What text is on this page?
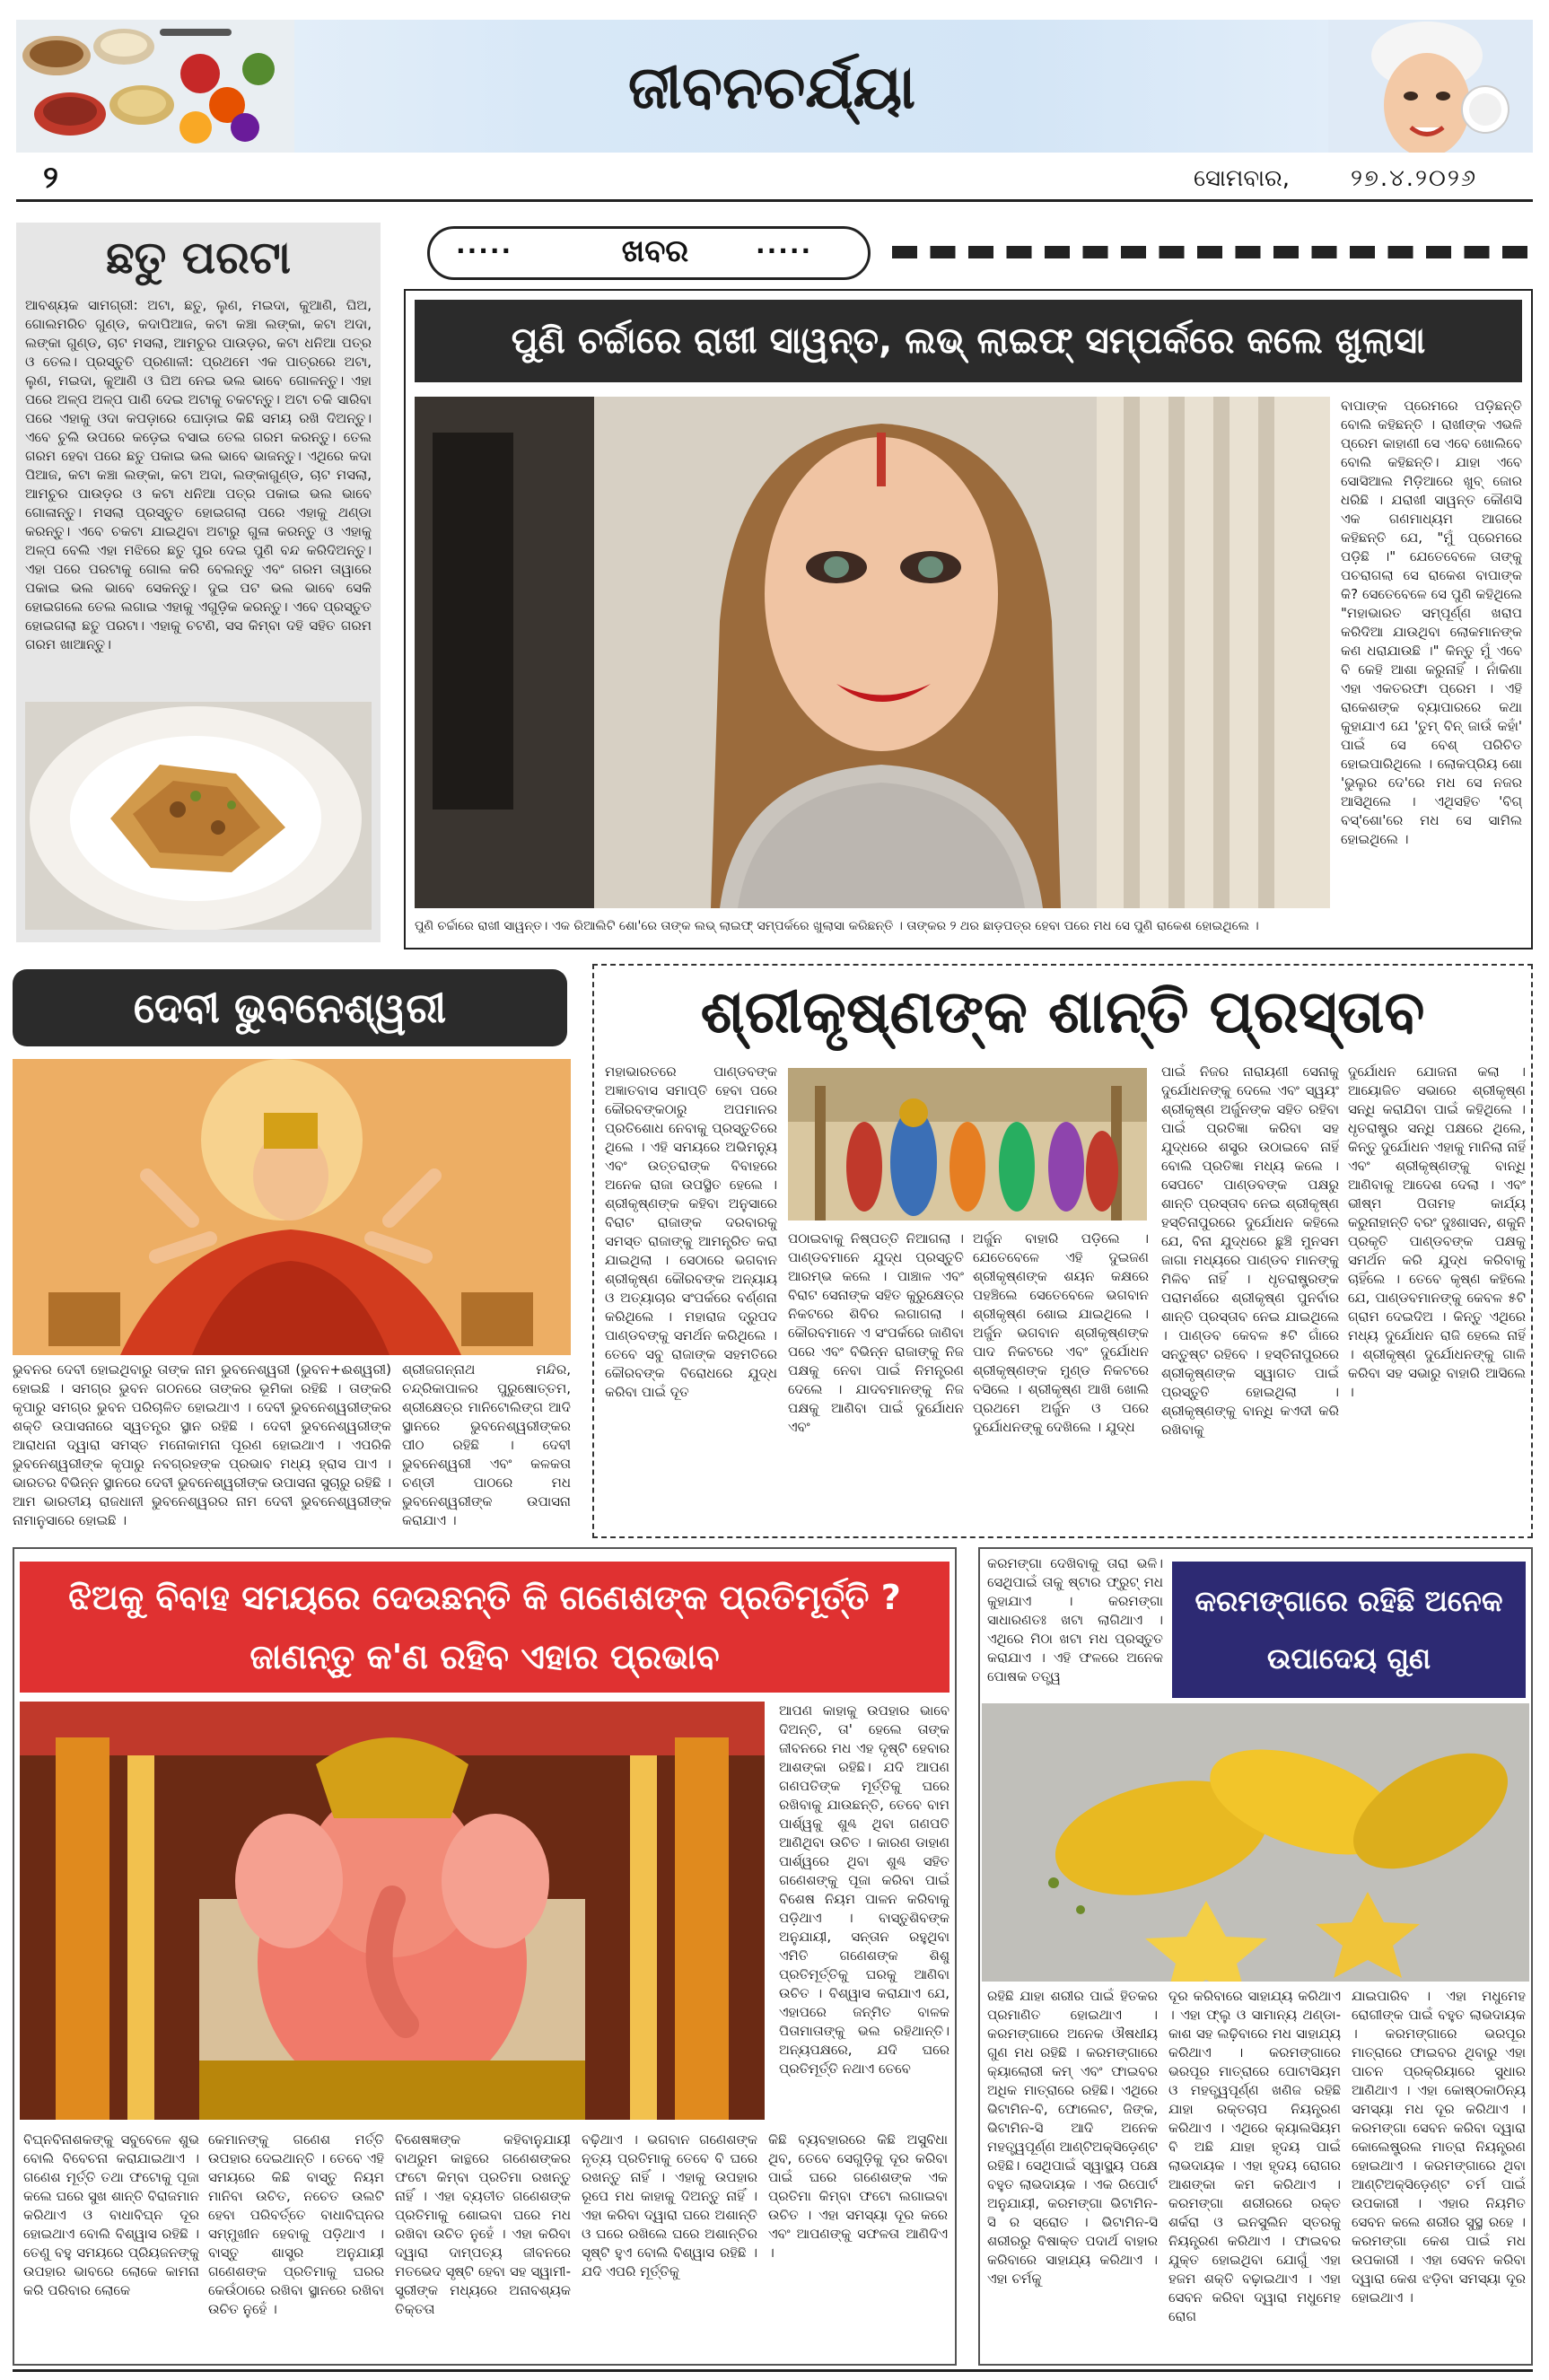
ଜୀବନଚର୍ଯ୍ୟା
୨	ସୋମବାର,	୨୭.୪.୨୦୨୬
ଛତୁ ପରଟା
ଆବଶ୍ୟକ ସାମଗ୍ରୀ: ଅଟା, ଛତୁ, ଲୁଣ, ମଇଦା, କୁଆଣି, ଘିଅ, ଗୋଲମରିଚ ଗୁଣ୍ଡ, କଦାପିଆଜ, କଟା କଞ୍ଚା ଲଙ୍କା, କଟା ଅଦା, ଲଙ୍କା ଗୁଣ୍ଡ, ଚାଟ ମସଲା, ଆମଚୁର ପାଉଡ଼ର, କଟା ଧନିଆ ପତ୍ର ଓ ତେଲ। ପ୍ରସ୍ତୁତି ପ୍ରଣାଳୀ: ପ୍ରଥମେ ଏକ ପାତ୍ରରେ ଅଟା, ଲୁଣ, ମଇଦା, କୁଆଣି ଓ ଘିଅ ନେଇ ଭଲ ଭାବେ ଗୋଳନ୍ତୁ। ଏହା ପରେ ଅଳ୍ପ ଅଳ୍ପ ପାଣି ଦେଇ ଅଟାକୁ ଚକଟନ୍ତୁ। ଅଟା ଚକି ସାରିବା ପରେ ଏହାକୁ ଓଦା କପଡ଼ାରେ ଘୋଡ଼ାଇ କିଛି ସମୟ ରଖି ଦିଅନ୍ତୁ। ଏବେ ଚୁଲି ଉପରେ କଡ଼େଇ ବସାଇ ତେଲ ଗରମ କରନ୍ତୁ। ତେଲ ଗରମ ହେବା ପରେ ଛତୁ ପକାଇ ଭଲ ଭାବେ ଭାଜନ୍ତୁ। ଏଥିରେ କଦା ପିଆଜ, କଟା କଞ୍ଚା ଲଙ୍କା, କଟା ଅଦା, ଲଙ୍କାଗୁଣ୍ଡ, ଚାଟ ମସଲା, ଆମଚୁର ପାଉଡ଼ର ଓ କଟା ଧନିଆ ପତ୍ର ପକାଇ ଭଲ ଭାବେ ଗୋଳାନ୍ତୁ। ମସଲା ପ୍ରସ୍ତୁତ ହୋଇଗଲା ପରେ ଏହାକୁ ଥଣ୍ଡା କରନ୍ତୁ। ଏବେ ଚକଟା ଯାଇଥିବା ଅଟାରୁ ଗୁଳା କରନ୍ତୁ ଓ ଏହାକୁ ଅଳ୍ପ ବେଲି ଏହା ମଝିରେ ଛତୁ ପୁର ଦେଇ ପୁଣି ବନ୍ଦ କରିଦିଅନ୍ତୁ। ଏହା ପରେ ପରଟାକୁ ଗୋଲ କରି ବେଲନ୍ତୁ ଏବଂ ଗରମ ତାୱାରେ ପକାଇ ଭଲ ଭାବେ ସେକନ୍ତୁ। ଦୁଇ ପଟ ଭଲ ଭାବେ ସେକି ହୋଇଗଲେ ତେଲ ଲଗାଇ ଏହାକୁ ଏଗୁଡ଼ିକ କରନ୍ତୁ। ଏବେ ପ୍ରସ୍ତୁତ ହୋଇଗଲା ଛତୁ ପରଟା। ଏହାକୁ ଚଟଣି, ସସ କିମ୍ବା ଦହି ସହିତ ଗରମ ଗରମ ଖାଆନ୍ତୁ।
·····	ଖବର	·····
ପୁଣି ଚର୍ଚ୍ଚାରେ ରାଖୀ ସାୱନ୍ତ, ଲଭ୍ ଲାଇଫ୍ ସମ୍ପର୍କରେ କଲେ ଖୁଲାସା
ବାପାଙ୍କ ପ୍ରେମରେ ପଡ଼ିଛନ୍ତି ବୋଲି କହିଛନ୍ତି । ରାଖୀଙ୍କ ଏଭଳି ପ୍ରେମ କାହାଣୀ ସେ ଏବେ ଖୋଲିବେ ବୋଲି କହିଛନ୍ତି। ଯାହା ଏବେ ସୋସିଆଲ ମିଡ଼ିଆରେ ଖୁବ୍ ଜୋର ଧରିଛି । ଯରାଖୀ ସାୱନ୍ତ କୌଣସି ଏକ ଗଣମାଧ୍ୟମ ଆଗରେ କହିଛନ୍ତି ଯେ, "ମୁଁ ପ୍ରେମରେ ପଡ଼ିଛି ।" ଯେତେବେଳେ ତାଙ୍କୁ ପଚରାଗଲା ସେ ରାକେଶ ବାପାଙ୍କ କି? ସେତେବେଳେ ସେ ପୁଣି କହିଥିଲେ "ମହାଭାରତ ସମ୍ପୂର୍ଣ୍ଣ ଖରାପ କରିଦିଆ ଯାଉଥିବା ଲୋକମାନଙ୍କ କଣ ଧରାଯାଉଛି ।" କିନ୍ତୁ ମୁଁ ଏବେ ବି କେହି ଆଶା କରୁନାହିଁ । ନାଁକିଣା ଏହା ଏକତରଫା ପ୍ରେମ । ଏହି ରାକେଶଙ୍କ ବ୍ୟାପାରରେ କଥା କୁହାଯାଏ ଯେ 'ତୁମ୍ ବିନ୍ ଜାଉଁ କହାଁ' ପାଇଁ ସେ ବେଶ୍ ପରିଚିତ ହୋଇପାରିଥିଲେ । ଲୋକପ୍ରିୟ ଶୋ 'ଭୁଲୁର ଦେ'ରେ ମଧ ସେ ନଜର ଆସିଥିଲେ । ଏଥିସହିତ 'ବିଗ୍ ବସ୍'ଶୋ'ରେ ମଧ ସେ ସାମିଲ ହୋଇଥିଲେ ।
ପୁଣି ଚର୍ଚ୍ଚାରେ ରାଖୀ ସାୱନ୍ତ। ଏକ ରିଆଲିଟି ଶୋ'ରେ ତାଙ୍କ ଲଭ୍ ଲାଇଫ୍ ସମ୍ପର୍କରେ ଖୁଲାସା କରିଛନ୍ତି । ତାଙ୍କର ୨ ଥର ଛାଡ଼ପତ୍ର ହେବା ପରେ ମଧ ସେ ପୁଣି ରାକେଶ ହୋଇଥିଲେ ।
ଦେବୀ ଭୁବନେଶ୍ୱରୀ
ଭୁବନର ଦେବୀ ହୋଇଥିବାରୁ ତାଙ୍କ ନାମ ଭୁବନେଶ୍ୱରୀ (ଭୁବନ+ଈଶ୍ୱରୀ) ହୋଇଛି । ସମଗ୍ର ଭୁବନ ଗଠନରେ ତାଙ୍କର ଭୂମିକା ରହିଛି । ତାଙ୍କରି କୃପାରୁ ସମଗ୍ର ଭୁବନ ପରିଚାଳିତ ହୋଇଥାଏ । ଦେବୀ ଭୁବନେଶ୍ୱରୀଙ୍କର ଶକ୍ତି ଉପାସନାରେ ସ୍ୱତନ୍ତ୍ର ସ୍ଥାନ ରହିଛି । ଦେବୀ ଭୁବନେଶ୍ୱରୀଙ୍କ ଆରାଧନା ଦ୍ୱାରା ସମସ୍ତ ମନୋକାମନା ପୂରଣ ହୋଇଥାଏ । ଏପରିକି ଭୁବନେଶ୍ୱରୀଙ୍କ କୃପାରୁ ନବଗ୍ରହଙ୍କ ପ୍ରଭାବ ମଧ୍ୟ ହ୍ରାସ ପାଏ । ଭାରତର ବିଭିନ୍ନ ସ୍ଥାନରେ ଦେବୀ ଭୁବନେଶ୍ୱରୀଙ୍କ ଉପାସନା ସୁଚାରୁ ରହିଛି । ଆମ ଭାରତୀୟ ରାଜଧାନୀ ଭୁବନେଶ୍ୱରର ନାମ ଦେବୀ ଭୁବନେଶ୍ୱରୀଙ୍କ ନାମାନୁସାରେ ହୋଇଛି ।
ଶ୍ରୀଜଗନ୍ନାଥ ମନ୍ଦିର, ଚନ୍ଦ୍ରିକାପାଳର ପୁରୁଷୋତ୍ତମ, ଶ୍ରୀକ୍ଷେତ୍ର ମାନିଟୋଲିଙ୍ଗ ଆଦି ସ୍ଥାନରେ ଭୁବନେଶ୍ୱରୀଙ୍କର ପୀଠ ରହିଛି । ଦେବୀ ଭୁବନେଶ୍ୱରୀ ଏବଂ କଳକତା ଚଣ୍ଡୀ ପାଠରେ ମଧ ଭୁବନେଶ୍ୱରୀଙ୍କ ଉପାସନା କରାଯାଏ ।
ଶ୍ରୀକୃଷ୍ଣଙ୍କ ଶାନ୍ତି ପ୍ରସ୍ତାବ
ମହାଭାରତରେ ପାଣ୍ଡବଙ୍କ ଅଜ୍ଞାତବାସ ସମାପ୍ତି ହେବା ପରେ କୌରବଙ୍କଠାରୁ ଅପମାନର ପ୍ରତିଶୋଧ ନେବାକୁ ପ୍ରସ୍ତୁତିରେ ଥିଲେ । ଏହି ସମୟରେ ଅଭିମନ୍ୟୁ ଏବଂ ଉତ୍ତରାଙ୍କ ବିବାହରେ ଅନେକ ରାଜା ଉପସ୍ଥିତ ହେଲେ । ଶ୍ରୀକୃଷ୍ଣଙ୍କ କହିବା ଅନୁସାରେ ବିରାଟ ରାଜାଙ୍କ ଦରବାରକୁ ସମସ୍ତ ରାଜାଙ୍କୁ ଆମନ୍ତ୍ରିତ କରା ଯାଇଥିଲା । ସେଠାରେ ଭଗବାନ ଶ୍ରୀକୃଷ୍ଣ କୌରବଙ୍କ ଅନ୍ୟାୟ ଓ ଅତ୍ୟାଚାର ସଂପର୍କରେ ବର୍ଣ୍ଣନା କରିଥିଲେ । ମହାରାଜ ଦ୍ରୁପଦ ପାଣ୍ଡବଙ୍କୁ ସମର୍ଥନ କରିଥିଲେ । ତେବେ ସବୁ ରାଜାଙ୍କ ସହମତିରେ କୌରବଙ୍କ ବିରୋଧରେ ଯୁଦ୍ଧ କରିବା ପାଇଁ ଦୂତ
ପଠାଇବାକୁ ନିଷ୍ପତ୍ତି ନିଆଗଲା । ପାଣ୍ଡବମାନେ ଯୁଦ୍ଧ ପ୍ରସ୍ତୁତି ଆରମ୍ଭ କଲେ । ପାଞ୍ଚାଳ ଏବଂ ବିରାଟ ସେନାଙ୍କ ସହିତ କୁରୁକ୍ଷେତ୍ର ନିକଟରେ ଶିବିର ଲଗାଗଲା । କୌରବମାନେ ଏ ସଂପର୍କରେ ଜାଣିବା ପରେ ଏବଂ ବିଭିନ୍ନ ରାଜାଙ୍କୁ ନିଜ ପକ୍ଷକୁ ନେବା ପାଇଁ ନିମନ୍ତ୍ରଣ ଦେଲେ । ଯାଦବମାନଙ୍କୁ ନିଜ ପକ୍ଷକୁ ଆଣିବା ପାଇଁ ଦୁର୍ଯୋଧନ ଏବଂ
ଅର୍ଜୁନ ବାହାରି ପଡ଼ିଲେ । ଯେତେବେଳେ ଏହି ଦୁଇଜଣ ଶ୍ରୀକୃଷ୍ଣଙ୍କ ଶୟନ କକ୍ଷରେ ପହଞ୍ଚିଲେ ସେତେବେଳେ ଭଗବାନ ଶ୍ରୀକୃଷ୍ଣ ଶୋଇ ଯାଇଥିଲେ । ଅର୍ଜୁନ ଭଗବାନ ଶ୍ରୀକୃଷ୍ଣଙ୍କ ପାଦ ନିକଟରେ ଏବଂ ଦୁର୍ଯୋଧନ ଶ୍ରୀକୃଷ୍ଣଙ୍କ ମୁଣ୍ଡ ନିକଟରେ ବସିଲେ । ଶ୍ରୀକୃଷ୍ଣ ଆଖି ଖୋଲି ପ୍ରଥମେ ଅର୍ଜୁନ ଓ ପରେ ଦୁର୍ଯୋଧନଙ୍କୁ ଦେଖିଲେ । ଯୁଦ୍ଧ
ପାଇଁ ନିଜର ନାରାୟଣୀ ସେନାକୁ ଦୁର୍ଯୋଧନଙ୍କୁ ଦେଲେ ଏବଂ ସ୍ୱୟଂ ଶ୍ରୀକୃଷ୍ଣ ଅର୍ଜୁନଙ୍କ ସହିତ ରହିବା ପାଇଁ ପ୍ରତିଜ୍ଞା କରିବା ସହ ଯୁଦ୍ଧରେ ଶସ୍ତ୍ର ଉଠାଇବେ ନାହିଁ ବୋଲି ପ୍ରତିଜ୍ଞା ମଧ୍ୟ କଲେ । ସେପଟେ ପାଣ୍ଡବଙ୍କ ପକ୍ଷରୁ ଶାନ୍ତି ପ୍ରସ୍ତାବ ନେଇ ଶ୍ରୀକୃଷ୍ଣ ହସ୍ତିନାପୁରରେ ଦୁର୍ଯୋଧନ କହିଲେ ଯେ, ବିନା ଯୁଦ୍ଧରେ ଛୁଞ୍ଚି ମୁନସମ ଜାଗା ମଧ୍ୟରେ ପାଣ୍ଡବ ମାନଙ୍କୁ ମିଳିବ ନାହିଁ । ଧୃତରାଷ୍ଟ୍ରଙ୍କ ପରାମର୍ଶରେ ଶ୍ରୀକୃଷ୍ଣ ପୁନର୍ବାର ଶାନ୍ତି ପ୍ରସ୍ତାବ ନେଇ ଯାଇଥିଲେ । ପାଣ୍ଡବ କେବଳ ୫ଟି ଗାଁରେ ସନ୍ତୁଷ୍ଟ ରହିବେ । ହସ୍ତିନାପୁରରେ ଶ୍ରୀକୃଷ୍ଣଙ୍କ ସ୍ୱାଗତ ପାଇଁ ପ୍ରସ୍ତୁତି ହୋଇଥିଲା । ଶ୍ରୀକୃଷ୍ଣଙ୍କୁ ବାନ୍ଧି କଏଦୀ କରି ରଖିବାକୁ
ଦୁର୍ଯୋଧନ ଯୋଜନା କଲା । ଆୟୋଜିତ ସଭାରେ ଶ୍ରୀକୃଷ୍ଣ ସନ୍ଧି କରାଯିବା ପାଇଁ କହିଥିଲେ । ଧୃତରାଷ୍ଟ୍ର ସନ୍ଧି ପକ୍ଷରେ ଥିଲେ, କିନ୍ତୁ ଦୁର୍ଯୋଧନ ଏହାକୁ ମାନିଲା ନାହିଁ ଏବଂ ଶ୍ରୀକୃଷ୍ଣଙ୍କୁ ବାନ୍ଧି ଆଣିବାକୁ ଆଦେଶ ଦେଲା । ଏବଂ ଭୀଷ୍ମ ପିତାମହ କାର୍ଯ୍ୟ କରୁନାହାନ୍ତି ବରଂ ଦୁଃଶାସନ, ଶକୁନି ପ୍ରକୃତି ପାଣ୍ଡବଙ୍କ ପକ୍ଷକୁ ସମର୍ଥନ କରି ଯୁଦ୍ଧ କରିବାକୁ ଚାହିଁଲେ । ତେବେ କୃଷ୍ଣ କହିଲେ ଯେ, ପାଣ୍ଡବମାନଙ୍କୁ କେବଳ ୫ଟି ଗ୍ରାମ ଦେଇଦିଅ । କିନ୍ତୁ ଏଥିରେ ମଧ୍ୟ ଦୁର୍ଯୋଧନ ରାଜି ହେଲେ ନାହିଁ । ଶ୍ରୀକୃଷ୍ଣ ଦୁର୍ଯୋଧନଙ୍କୁ ଗାଳି କରିବା ସହ ସଭାରୁ ବାହାରି ଆସିଲେ ।
ଝିଅକୁ ବିବାହ ସମୟରେ ଦେଉଛନ୍ତି କି ଗଣେଶଙ୍କ ପ୍ରତିମୂର୍ତ୍ତି ?
ଜାଣନ୍ତୁ କ'ଣ ରହିବ ଏହାର ପ୍ରଭାବ
ଆପଣ କାହାକୁ ଉପହାର ଭାବେ ଦିଅନ୍ତି, ତା' ହେଲେ ତାଙ୍କ ଜୀବନରେ ମଧ ଏହ ଦୃଷ୍ଟି ହେବାର ଆଶଙ୍କା ରହିଛି। ଯଦି ଆପଣ ଗଣପତିଙ୍କ ମୂର୍ତ୍ତିକୁ ଘରେ ରଖିବାକୁ ଯାଉଛନ୍ତି, ତେବେ ବାମ ପାର୍ଶ୍ୱକୁ ଶୁଣ୍ଢ ଥିବା ଗଣପତି ଆଣିଥିବା ଉଚିତ । କାରଣ ଡାହାଣ ପାର୍ଶ୍ୱରେ ଥିବା ଶୁଣ୍ଢ ସହିତ ଗଣେଶଙ୍କୁ ପୂଜା କରିବା ପାଇଁ ବିଶେଷ ନିୟମ ପାଳନ କରିବାକୁ ପଡ଼ିଥାଏ । ବାସ୍ତୁଶିବଙ୍କ ଅନୁଯାୟୀ, ସନ୍ତାନ ରହୁଥିବା ଏମିତି ଗଣେଶଙ୍କ ଶିଶୁ ପ୍ରତିମୂର୍ତ୍ତିକୁ ଘରକୁ ଆଣିବା ଉଚିତ । ବିଶ୍ୱାସ କରାଯାଏ ଯେ, ଏହାପରେ ଜନ୍ମିତ ବାଳକ ପିତାମାତାଙ୍କୁ ଭଲ ରହିଥାନ୍ତି। ଅନ୍ୟପକ୍ଷରେ, ଯଦି ଘରେ ପ୍ରତିମୂର୍ତ୍ତି ନଥାଏ ତେବେ
ବିଘ୍ନବିନାଶକଙ୍କୁ ସବୁବେଳେ ଶୁଭ ବୋଲି ବିବେଚନା କରାଯାଇଥାଏ । ଗଣେଶ ମୂର୍ତ୍ତି ତଥା ଫଟୋକୁ ପୂଜା କଲେ ଘରେ ସୁଖ ଶାନ୍ତି ବିରାଜମାନ କରିଥାଏ ଓ ବାଧାବିଘ୍ନ ଦୂର ହୋଇଥାଏ ବୋଲି ବିଶ୍ୱାସ ରହିଛି । ତେଣୁ ବହୁ ସମୟରେ ପ୍ରିୟଜନଙ୍କୁ ଉପହାର ଭାବରେ ଲୋକେ କାମନା କରି ପରିବାର ଲୋକେ
କେମାନଙ୍କୁ ଗଣେଶ ମର୍ତ୍ତି ଉପହାର ଦେଇଥାନ୍ତି । ତେବେ ଏହି ସମୟରେ କିଛି ବାସ୍ତୁ ନିୟମ ମାନିବା ଉଚିତ, ନଚେତ ଉଲଟି ହେବା ପରିବର୍ତ୍ତେ ବାଧାବିଘ୍ନର ସମ୍ମୁଖୀନ ହେବାକୁ ପଡ଼ିଥାଏ । ବାସ୍ତୁ ଶାସ୍ତ୍ର ଅନୁଯାୟୀ ଗଣେଶଙ୍କ ପ୍ରତିମାକୁ ଘରର କେଉଁଠାରେ ରଖିବା ସ୍ଥାନରେ ରଖିବା ଉଚିତ ନୁହେଁ ।
ବିଶେଷଜ୍ଞଙ୍କ କହିବାନୁଯାୟୀ ବାଥରୁମ କାନ୍ଥରେ ଗଣେଶଙ୍କର ଫଟୋ କିମ୍ବା ପ୍ରତିମା ରଖନ୍ତୁ ନାହିଁ । ଏହା ବ୍ୟତୀତ ଗଣେଶଙ୍କ ପ୍ରତିମାକୁ ଶୋଇବା ଘରେ ମଧ ରଖିବା ଉଚିତ ନୁହେଁ । ଏହା କରିବା ଦ୍ୱାରା ଦାମ୍ପତ୍ୟ ଜୀବନରେ ମତଭେଦ ସୃଷ୍ଟି ହେବା ସହ ସ୍ୱାମୀ-ସ୍ତ୍ରୀଙ୍କ ମଧ୍ୟରେ ଅନାବଶ୍ୟକ ତିକ୍ତତା
ବଢ଼ିଥାଏ । ଭଗବାନ ଗଣେଶଙ୍କ ନୃତ୍ୟ ପ୍ରତିମାକୁ ତେବେ ବି ଘରେ ରଖନ୍ତୁ ନାହିଁ । ଏହାକୁ ଉପହାର ରୂପେ ମଧ କାହାକୁ ଦିଅନ୍ତୁ ନାହିଁ । ଏହା କରିବା ଦ୍ୱାରା ଘରେ ଅଶାନ୍ତି ଓ ଘରେ ରଖିଲେ ଘରେ ଅଶାନ୍ତିର ସୃଷ୍ଟି ହୁଏ ବୋଲି ବିଶ୍ୱାସ ରହିଛି । ଯଦି ଏପରି ମୂର୍ତ୍ତିକୁ
କିଛି ବ୍ୟବହାରରେ କିଛି ଅସୁବିଧା ଥିବ, ତେବେ ସେଗୁଡ଼ିକୁ ଦୂର କରିବା ପାଇଁ ଘରେ ଗଣେଶଙ୍କ ଏକ ପ୍ରତିମା କିମ୍ବା ଫଟୋ ଲଗାଇବା ଉଚିତ । ଏହା ସମସ୍ୟା ଦୂର କରେ ଏବଂ ଆପଣଙ୍କୁ ସଫଳତା ଆଣିଦିଏ ।
କରମଙ୍ଗା ଦେଖିବାକୁ ତାରା ଭଳି। ସେଥିପାଇଁ ତାକୁ ଷ୍ଟାର ଫ୍ରୁଟ୍ ମଧ କୁହାଯାଏ । କରମଙ୍ଗା ସାଧାରଣତଃ ଖଟା ଲାଗିଥାଏ । ଏଥିରେ ମିଠା ଖଟା ମଧ ପ୍ରସ୍ତୁତ କରାଯାଏ । ଏହି ଫଳରେ ଅନେକ ପୋଷକ ତତ୍ତ୍ୱ
କରମଙ୍ଗାରେ ରହିଛି ଅନେକ
ଉପାଦେୟ ଗୁଣ
ରହିଛି ଯାହା ଶରୀର ପାଇଁ ହିତକର ପ୍ରମାଣିତ ହୋଇଥାଏ । କରମଙ୍ଗାରେ ଅନେକ ଔଷଧୀୟ ଗୁଣ ମଧ ରହିଛି । କରମଙ୍ଗାରେ କ୍ୟାଲୋରୀ କମ୍ ଏବଂ ଫାଇବର ଅଧିକ ମାତ୍ରାରେ ରହିଛି। ଏଥିରେ ଭିଟାମିନ-ବି, ଫୋଲେଟ, ଜିଙ୍କ, ଭିଟାମିନ-ସି ଆଦି ଅନେକ ମହତ୍ତ୍ୱପୂର୍ଣ୍ଣ ଆଣ୍ଟିଅକ୍ସିଡ଼େଣ୍ଟ ରହିଛି। ସେଥିପାଇଁ ସ୍ୱାସ୍ଥ୍ୟ ପକ୍ଷେ ବହୁତ ଲାଭଦାୟକ । ଏକ ରିପୋର୍ଟ ଅନୁଯାୟୀ, କରମଙ୍ଗା ଭିଟାମିନ-ସି ର ସ୍ରୋତ । ଭିଟାମିନ-ସି ଶରୀରରୁ ବିଷାକ୍ତ ପଦାର୍ଥ ବାହାର କରିବାରେ ସାହାଯ୍ୟ କରିଥାଏ । ଏହା ଚର୍ମକୁ
ଦୂର କରିବାରେ ସାହାଯ୍ୟ କରିଥାଏ । ଏହା ଫ୍ଲୁ ଓ ସାମାନ୍ୟ ଥଣ୍ଡା-କାଶ ସହ ଲଢ଼ିବାରେ ମଧ ସାହାଯ୍ୟ କରିଥାଏ । କରମଙ୍ଗାରେ ଭରପୂର ମାତ୍ରାରେ ପୋଟାସିୟମ ଓ ମହତ୍ତ୍ୱପୂର୍ଣ୍ଣ ଖଣିଜ ରହିଛି ଯାହା ରକ୍ତଚାପ ନିୟନ୍ତ୍ରଣ କରିଥାଏ । ଏଥିରେ କ୍ୟାଲସିୟମ ବି ଅଛି ଯାହା ହୃଦୟ ପାଇଁ ଲାଭଦାୟକ । ଏହା ହୃଦୟ ରୋଗର ଆଶଙ୍କା କମ କରିଥାଏ । କରମଙ୍ଗା ଶରୀରରେ ରକ୍ତ ଶର୍କରା ଓ ଇନସୁଲିନ ସ୍ତରକୁ ନିୟନ୍ତ୍ରଣ କରିଥାଏ । ଫାଇବର ଯୁକ୍ତ ହୋଇଥିବା ଯୋଗୁଁ ଏହା ହଜମ ଶକ୍ତି ବଢ଼ାଇଥାଏ । ଏହା ସେବନ କରିବା ଦ୍ୱାରା ମଧୁମେହ ରୋଗ
ଯାଇପାରିବ । ଏହା ମଧୁମେହ ରୋଗୀଙ୍କ ପାଇଁ ବହୁତ ଲାଭଦାୟକ । କରମଙ୍ଗାରେ ଭରପୂର ମାତ୍ରାରେ ଫାଇବର ଥିବାରୁ ଏହା ପାଚନ ପ୍ରକ୍ରିୟାରେ ସୁଧାର ଆଣିଥାଏ । ଏହା କୋଷ୍ଠକାଠିନ୍ୟ ସମସ୍ୟା ମଧ ଦୂର କରିଥାଏ । କରମଙ୍ଗା ସେବନ କରିବା ଦ୍ୱାରା କୋଲେଷ୍ଟ୍ରଲ ମାତ୍ରା ନିୟନ୍ତ୍ରଣ ହୋଇଥାଏ । କରମଙ୍ଗାରେ ଥିବା ଆଣ୍ଟିଅକ୍ସିଡ଼େଣ୍ଟ ଚର୍ମ ପାଇଁ ଉପକାରୀ । ଏହାର ନିୟମିତ ସେବନ କଲେ ଶରୀର ସୁସ୍ଥ ରହେ । କରମଙ୍ଗା କେଶ ପାଇଁ ମଧ ଉପକାରୀ । ଏହା ସେବନ କରିବା ଦ୍ୱାରା କେଶ ଝଡ଼ିବା ସମସ୍ୟା ଦୂର ହୋଇଥାଏ ।
